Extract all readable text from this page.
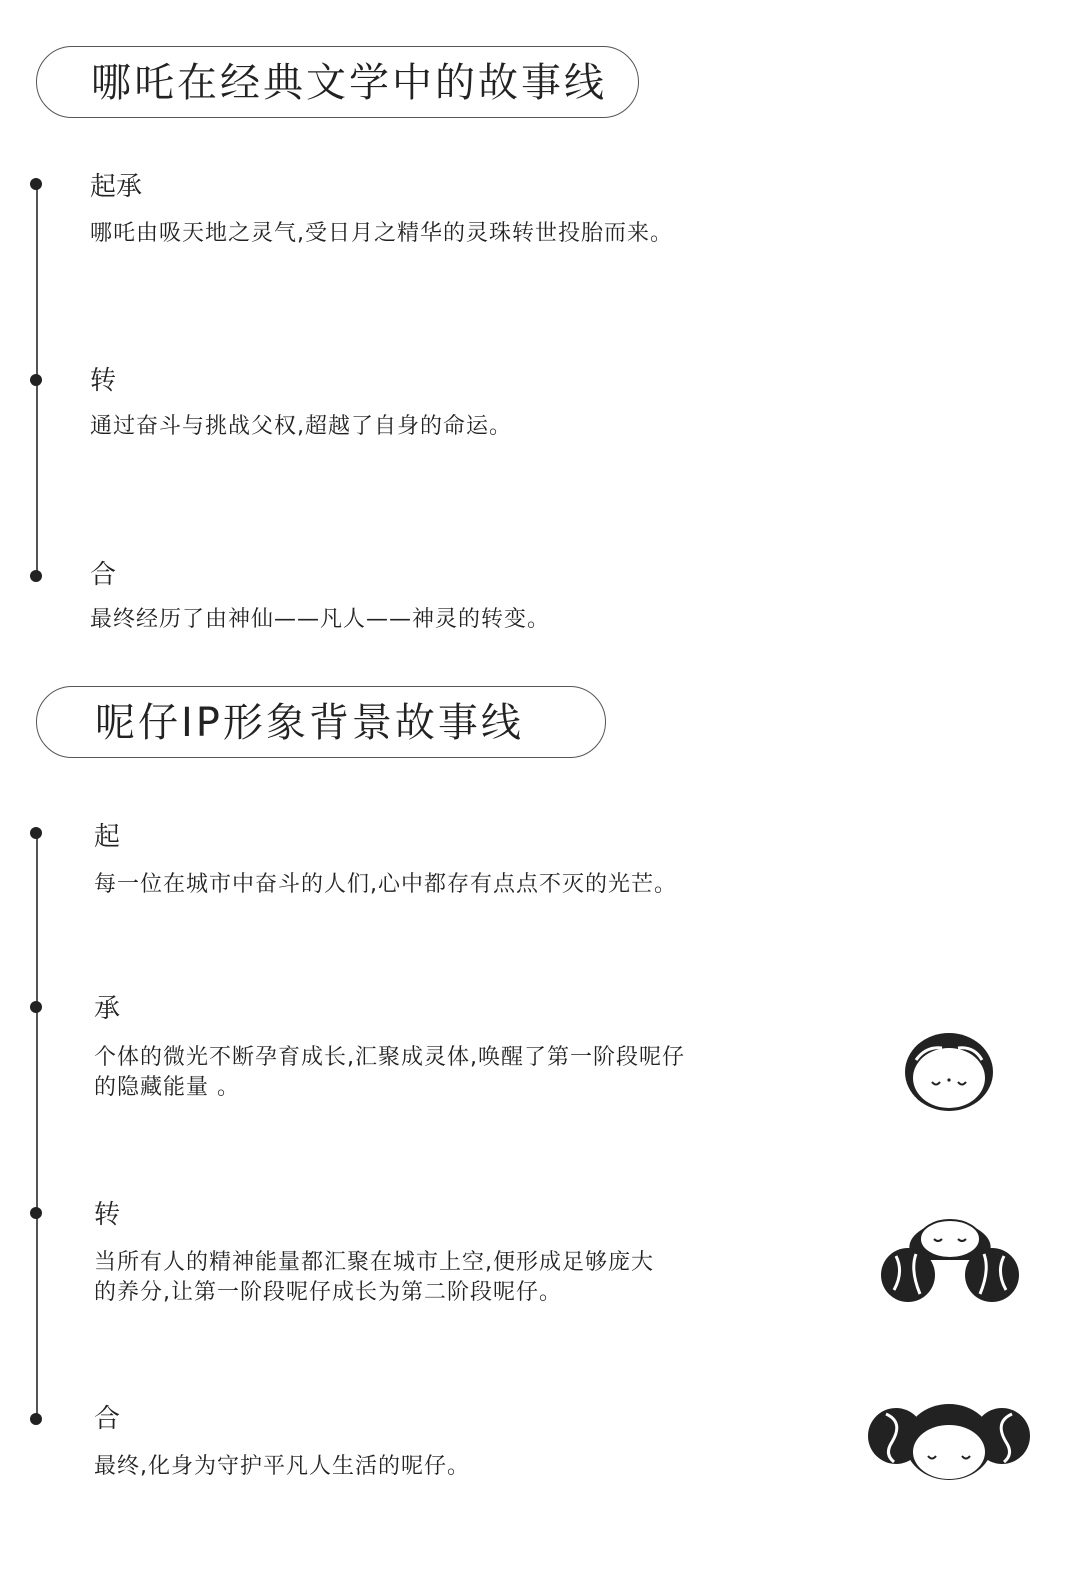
哪吒在经典文学中的故事线
起承
哪吒由吸天地之灵气,受日月之精华的灵珠转世投胎而来。
转
通过奋斗与挑战父权,超越了自身的命运。
合
最终经历了由神仙——凡人——神灵的转变。
呢仔IP形象背景故事线
起
每一位在城市中奋斗的人们,心中都存有点点不灭的光芒。
承
个体的微光不断孕育成长,汇聚成灵体,唤醒了第一阶段呢仔
的隐藏能量 。
转
当所有人的精神能量都汇聚在城市上空,便形成足够庞大
的养分,让第一阶段呢仔成长为第二阶段呢仔。
合
最终,化身为守护平凡人生活的呢仔。
